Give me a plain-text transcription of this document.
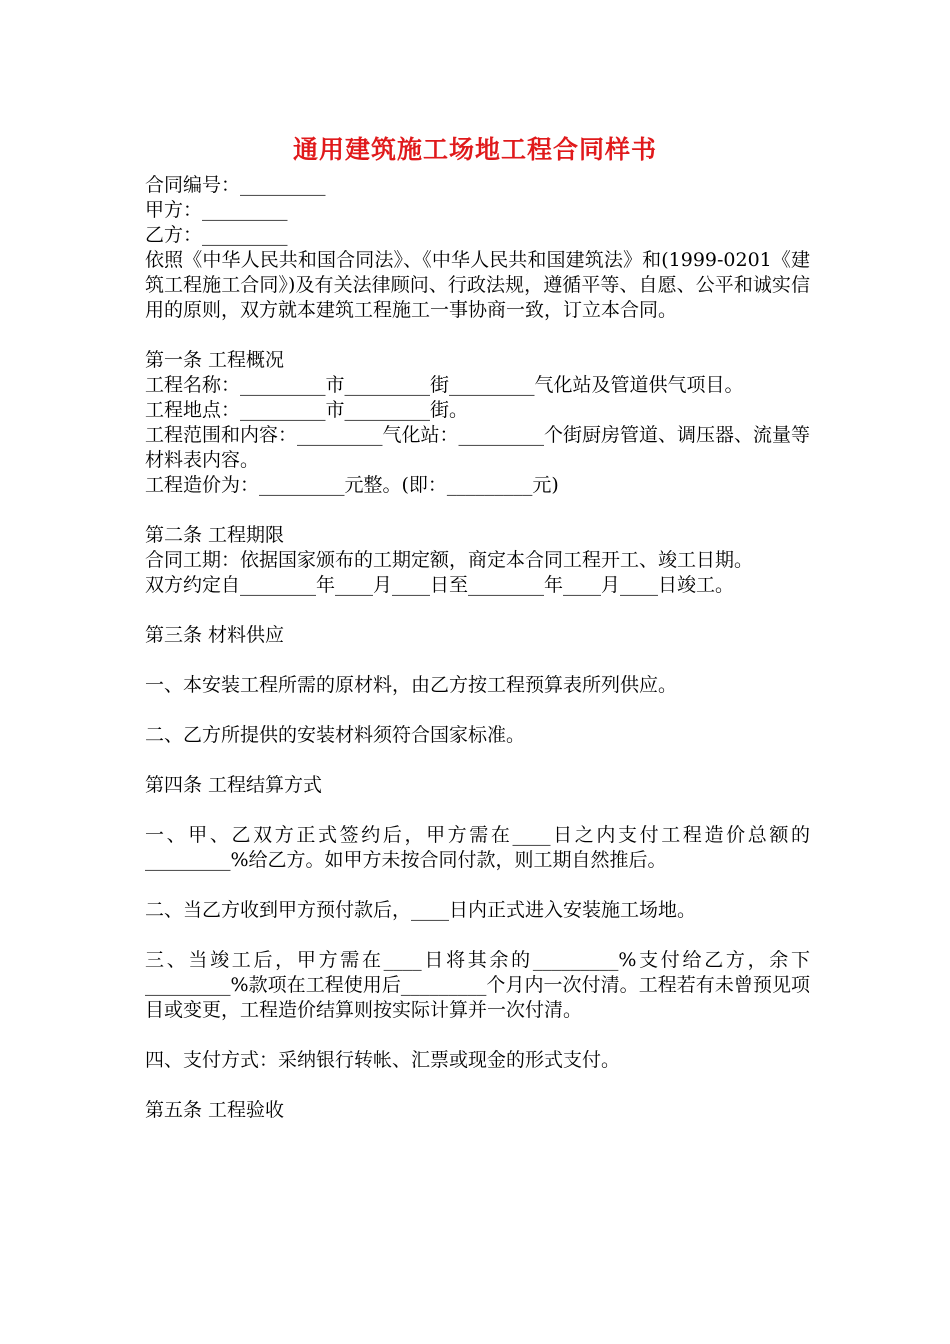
通用建筑施工场地工程合同样书

合同编号：_________

甲方：_________

乙方：_________

依照《中华人民共和国合同法》、《中华人民共和国建筑法》和(1999-0201《建筑工程施工合同》)及有关法律顾问、行政法规，遵循平等、自愿、公平和诚实信用的原则，双方就本建筑工程施工一事协商一致，订立本合同。

第一条 工程概况

工程名称：_________市_________街_________气化站及管道供气项目。

工程地点：_________市_________街。

工程范围和内容：_________气化站：_________个街厨房管道、调压器、流量等材料表内容。

工程造价为：_________元整。(即：_________元)

第二条 工程期限

合同工期：依据国家颁布的工期定额，商定本合同工程开工、竣工日期。

双方约定自________年____月____日至________年____月____日竣工。

第三条 材料供应

一、本安装工程所需的原材料，由乙方按工程预算表所列供应。

二、乙方所提供的安装材料须符合国家标准。

第四条 工程结算方式

一、甲、乙双方正式签约后，甲方需在____日之内支付工程造价总额的_________%给乙方。如甲方未按合同付款，则工期自然推后。

二、当乙方收到甲方预付款后，____日内正式进入安装施工场地。

三、当竣工后，甲方需在____日将其余的_________%支付给乙方，余下_________%款项在工程使用后_________个月内一次付清。工程若有未曾预见项目或变更，工程造价结算则按实际计算并一次付清。

四、支付方式：采纳银行转帐、汇票或现金的形式支付。

第五条 工程验收
